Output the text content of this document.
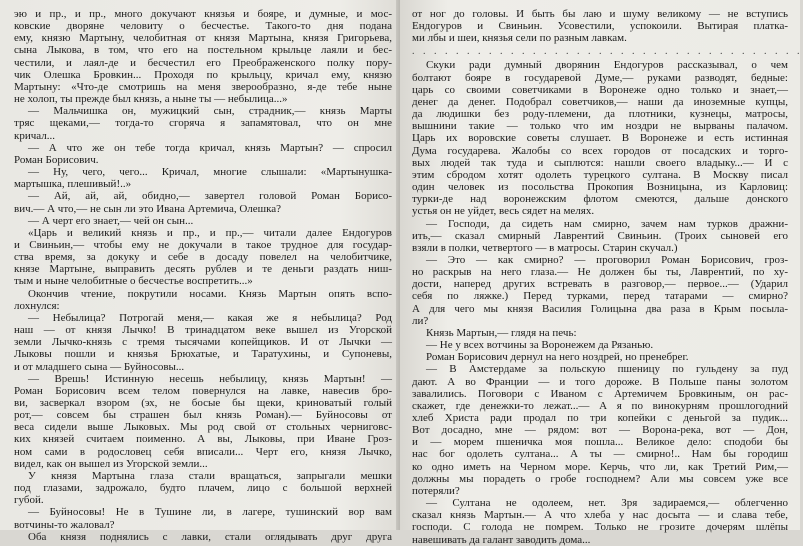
эю и пр., и пр., много докучают князья и бояре, и думные, и мос-
ковские дворяне человиту о бесчестье. Такого-то дня подана
ему, князю Мартыну, челобитная от князя Мартына, князя Григорьева,
сына Лыкова, в том, что его на постельном крыльце лаяли и бес-
честили, и лаял-де и бесчестил его Преображенского полку пору-
чик Олешка Бровкин... Проходя по крыльцу, кричал ему, князю
Мартыну: «Что-де смотришь на меня зверообразно, я-де тебе ныне
не холоп, ты прежде был князь, а ныне ты — небылица...»
— Мальчишка он, мужицкий сын, страдник,— князь Марты
тряс щеками,— тогда-то сгоряча я запамятовал, что он мне
кричал...
— А что же он тебе тогда кричал, князь Мартын? — спросил
Роман Борисович.
— Ну, чего, чего... Кричал, многие слышали: «Мартынушка-
мартышка, плешивый!..»
— Ай, ай, ай, обидно,— завертел головой Роман Борисо-
вич.— А что,— не сын ли это Ивана Артемича, Олешка?
— А черт его знает,— чей он сын...
«Царь и великий князь и пр., и пр.,— читали далее Ендогуров
и Свиньин,— чтобы ему не докучали в такое трудное для государ-
ства время, за докуку и себе в досаду повелел на челобитчике,
князе Мартыне, выправить десять рублев и те деньги раздать ниш-
тым и ныне челобитные о бесчестье воспретить...»
Окончив чтение, покрутили носами. Князь Мартын опять вспо-
лохнулся:
— Небылица? Потрогай меня,— какая же я небылица? Род
наш — от князя Лычко! В тринадцатом веке вышел из Угорской
земли Лычко-князь с тремя тысячами копейщиков. И от Лычки —
Лыковы пошли и князья Брюхатые, и Таратухины, и Супоневы,
и от младшего сына — Буйносовы...
— Врешь! Истинную несешь небылицу, князь Мартын! —
Роман Борисович всем телом повернулся на лавке, навесив бро-
ви, засверкал взором (эх, не босые бы щеки, криноватый голый
рот,— совсем бы страшен был князь Роман).— Буйносовы от
веса сидели выше Лыковых. Мы род свой от стольных черниговс-
ких князей считаем поименно. А вы, Лыковы, при Иване Гроз-
ном сами в родословец себя вписали... Черт его, князя Лычко,
видел, как он вышел из Угорской земли...
У князя Мартына глаза стали вращаться, запрыгали мешки
под глазами, задрожало, будто плачем, лицо с большой верхней
губой.
— Буйносовы! Не в Тушине ли, в лагере, тушинский вор вам
вотчины-то жаловал?
Оба князя поднялись с лавки, стали оглядывать друг друга
от ног до головы. И быть бы лаю и шуму великому — не вступись
Ендогуров и Свиньин. Усовестили, успокоили. Вытирая платка-
ми лбы и шеи, князья сели по разным лавкам.
. . . . . . . . . . . . . . . . . . . . . . . . . . . . . . . . . . . .
Скуки ради думный дворянин Ендогуров рассказывал, о чем
болтают бояре в государевой Думе,— руками разводят, бедные:
царь со своими советчиками в Воронеже одно только и знает,—
денег да денег. Подобрал советчиков,— наши да иноземные купцы,
да людишки без роду-племени, да плотники, кузнецы, матросы,
вышнини такие — только что им ноздри не вырваны палачом.
Царь их воровские советы слушает. В Воронеже и есть истинная
Дума государева. Жалобы со всех городов от посадских и торго-
вых людей так туда и сыплются: нашли своего владыку...— И с
этим сбродом хотят одолеть турецкого султана. В Москву писал
один человек из посольства Прокопия Возницына, из Карловиц:
турки-де над воронежским флотом смеются, дальше донского
устья он не уйдет, весь сядет на мелях.
— Господи, да сидеть нам смирно, зачем нам турков дражни-
ить,— сказал смирный Лаврентий Свиньин. (Троих сыновей его
взяли в полки, четвертого — в матросы. Старин скучал.)
— Это — как смирно? — проговорил Роман Борисович, гроз-
но раскрыв на него глаза.— Не должен бы ты, Лаврентий, по ху-
дости, наперед других встревать в разговор,— первое...— (Ударил
себя по ляжке.) Перед турками, перед татарами — смирно?
А для чего мы князя Василия Голицына два раза в Крым посыла-
ли?
Князь Мартын,— глядя на печь:
— Не у всех вотчины за Воронежем да Рязанью.
Роман Борисович дернул на него ноздрей, но пренебрег.
— В Амстердаме за польскую пшеницу по гульдену за пуд
дают. А во Франции — и того дороже. В Польше паны золотом
завалились. Поговори с Иваном с Артемичем Бровкиным, он рас-
скажет, где денежки-то лежат...— А я по винокурням прошлогодний
хлеб Христа ради продал по три копейки с деньгой за пудик...
Вот досадно, мне — рядом: вот — Ворона-река, вот — Дон,
и — морем пшеничка моя пошла... Великое дело: сподоби бы
нас бог одолеть султана... А ты — смирно!.. Нам бы городиш
ко одно иметь на Черном море. Керчь, что ли, как Третий Рим,—
должны мы порадеть о гробе господнем? Али мы совсем уже все
потеряли?
— Султана не одолеем, нет. Зря задираемся,— облегченно
сказал князь Мартын.— А что хлеба у нас досыта — и слава тебе,
господи. С голода не помрем. Только не грозите дочерям шлёпы
навешивать да галант заводить дома...
